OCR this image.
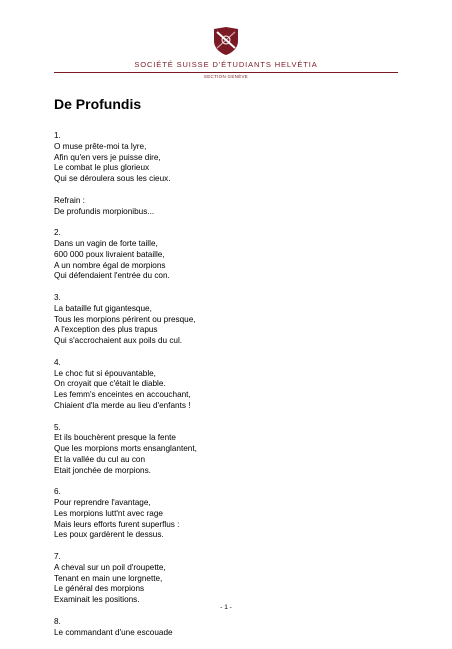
SOCIÉTÉ SUISSE D'ÉTUDIANTS HELVÉTIA
SECTION GENÈVE
De Profundis
1.
O muse prête-moi ta lyre,
Afin qu'en vers je puisse dire,
Le combat le plus glorieux
Qui se déroulera sous les cieux.
Refrain :
De profundis morpionibus...
2.
Dans un vagin de forte taille,
600 000 poux livraient bataille,
A un nombre égal de morpions
Qui défendaient l'entrée du con.
3.
La bataille fut gigantesque,
Tous les morpions périrent ou presque,
A l'exception des plus trapus
Qui s'accrochaient aux poils du cul.
4.
Le choc fut si épouvantable,
On croyait que c'était le diable.
Les femm's enceintes en accouchant,
Chiaient d'la merde au lieu d'enfants !
5.
Et ils bouchèrent presque la fente
Que les morpions morts ensanglantent,
Et la vallée du cul au con
Etait jonchée de morpions.
6.
Pour reprendre l'avantage,
Les morpions lutt'nt avec rage
Mais leurs efforts furent superflus :
Les poux gardèrent le dessus.
7.
A cheval sur un poil d'roupette,
Tenant en main une lorgnette,
Le général des morpions
Examinait les positions.
8.
Le commandant d'une escouade
- 1 -
